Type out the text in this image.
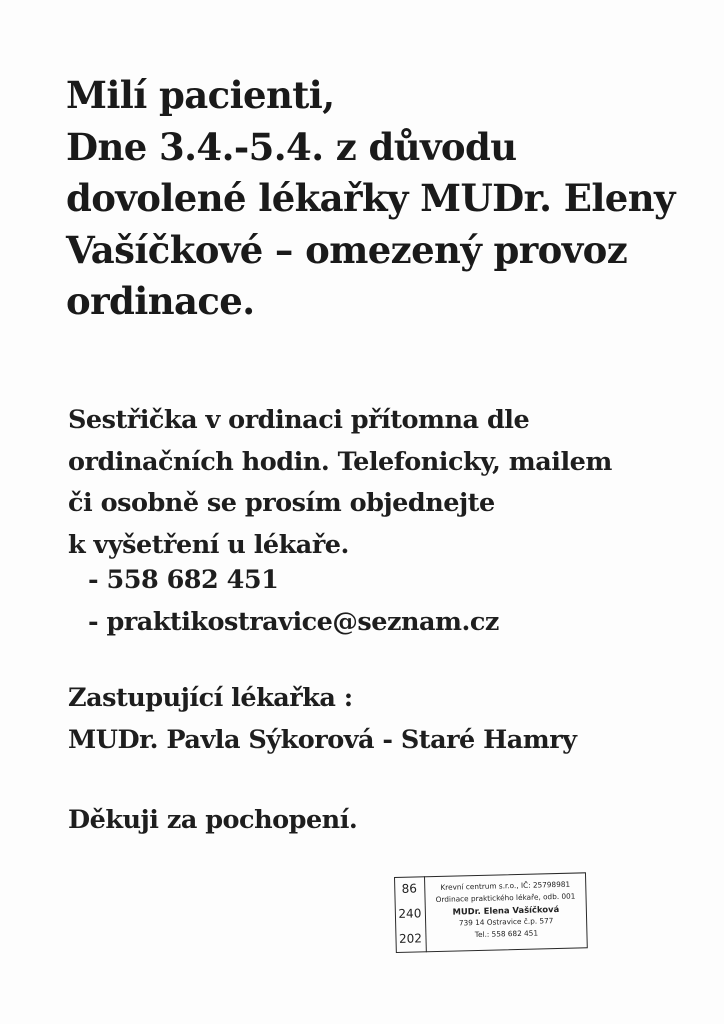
Milí pacienti,
Dne 3.4.-5.4. z důvodu
dovolené lékařky MUDr. Eleny
Vašíčkové – omezený provoz
ordinace.

Sestřička v ordinaci přítomna dle
ordinačních hodin. Telefonicky, mailem
či osobně se prosím objednejte
k vyšetření u lékaře.

- 558 682 451
- praktikostravice@seznam.cz

Zastupující lékařka :
MUDr. Pavla Sýkorová - Staré Hamry

Děkuji za pochopení.

86
240
202
Krevní centrum s.r.o., IČ: 25798981
Ordinace praktického lékaře, odb. 001
MUDr. Elena Vašíčková
739 14 Ostravice č.p. 577
Tel.: 558 682 451
